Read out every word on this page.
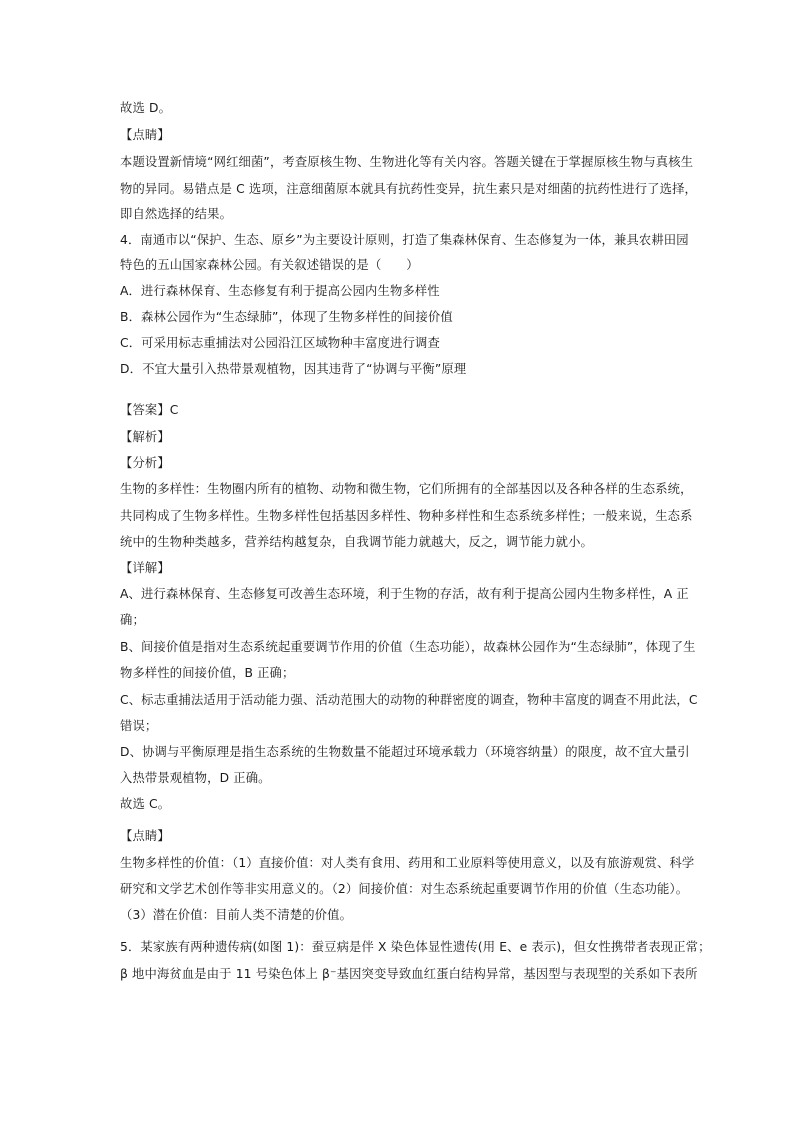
故选 D。
【点睛】
本题设置新情境“网红细菌”，考查原核生物、生物进化等有关内容。答题关键在于掌握原核生物与真核生
物的异同。易错点是 C 选项，注意细菌原本就具有抗药性变异，抗生素只是对细菌的抗药性进行了选择，
即自然选择的结果。
4．南通市以“保护、生态、原乡”为主要设计原则，打造了集森林保育、生态修复为一体，兼具农耕田园
特色的五山国家森林公园。有关叙述错误的是（　　）
A．进行森林保育、生态修复有利于提高公园内生物多样性
B．森林公园作为“生态绿肺”，体现了生物多样性的间接价值
C．可采用标志重捕法对公园沿江区域物种丰富度进行调查
D．不宜大量引入热带景观植物，因其违背了“协调与平衡”原理
【答案】C
【解析】
【分析】
生物的多样性：生物圈内所有的植物、动物和微生物，它们所拥有的全部基因以及各种各样的生态系统，
共同构成了生物多样性。生物多样性包括基因多样性、物种多样性和生态系统多样性；一般来说，生态系
统中的生物种类越多，营养结构越复杂，自我调节能力就越大，反之，调节能力就小。
【详解】
A、进行森林保育、生态修复可改善生态环境，利于生物的存活，故有利于提高公园内生物多样性，A 正
确；
B、间接价值是指对生态系统起重要调节作用的价值（生态功能），故森林公园作为“生态绿肺”，体现了生
物多样性的间接价值，B 正确；
C、标志重捕法适用于活动能力强、活动范围大的动物的种群密度的调查，物种丰富度的调查不用此法，C
错误；
D、协调与平衡原理是指生态系统的生物数量不能超过环境承载力（环境容纳量）的限度，故不宜大量引
入热带景观植物，D 正确。
故选 C。
【点睛】
生物多样性的价值：（1）直接价值：对人类有食用、药用和工业原料等使用意义，以及有旅游观赏、科学
研究和文学艺术创作等非实用意义的。（2）间接价值：对生态系统起重要调节作用的价值（生态功能）。
（3）潜在价值：目前人类不清楚的价值。
5．某家族有两种遗传病(如图 1)：蚕豆病是伴 X 染色体显性遗传(用 E、e 表示)，但女性携带者表现正常；
β 地中海贫血是由于 11 号染色体上 β⁻基因突变导致血红蛋白结构异常，基因型与表现型的关系如下表所
